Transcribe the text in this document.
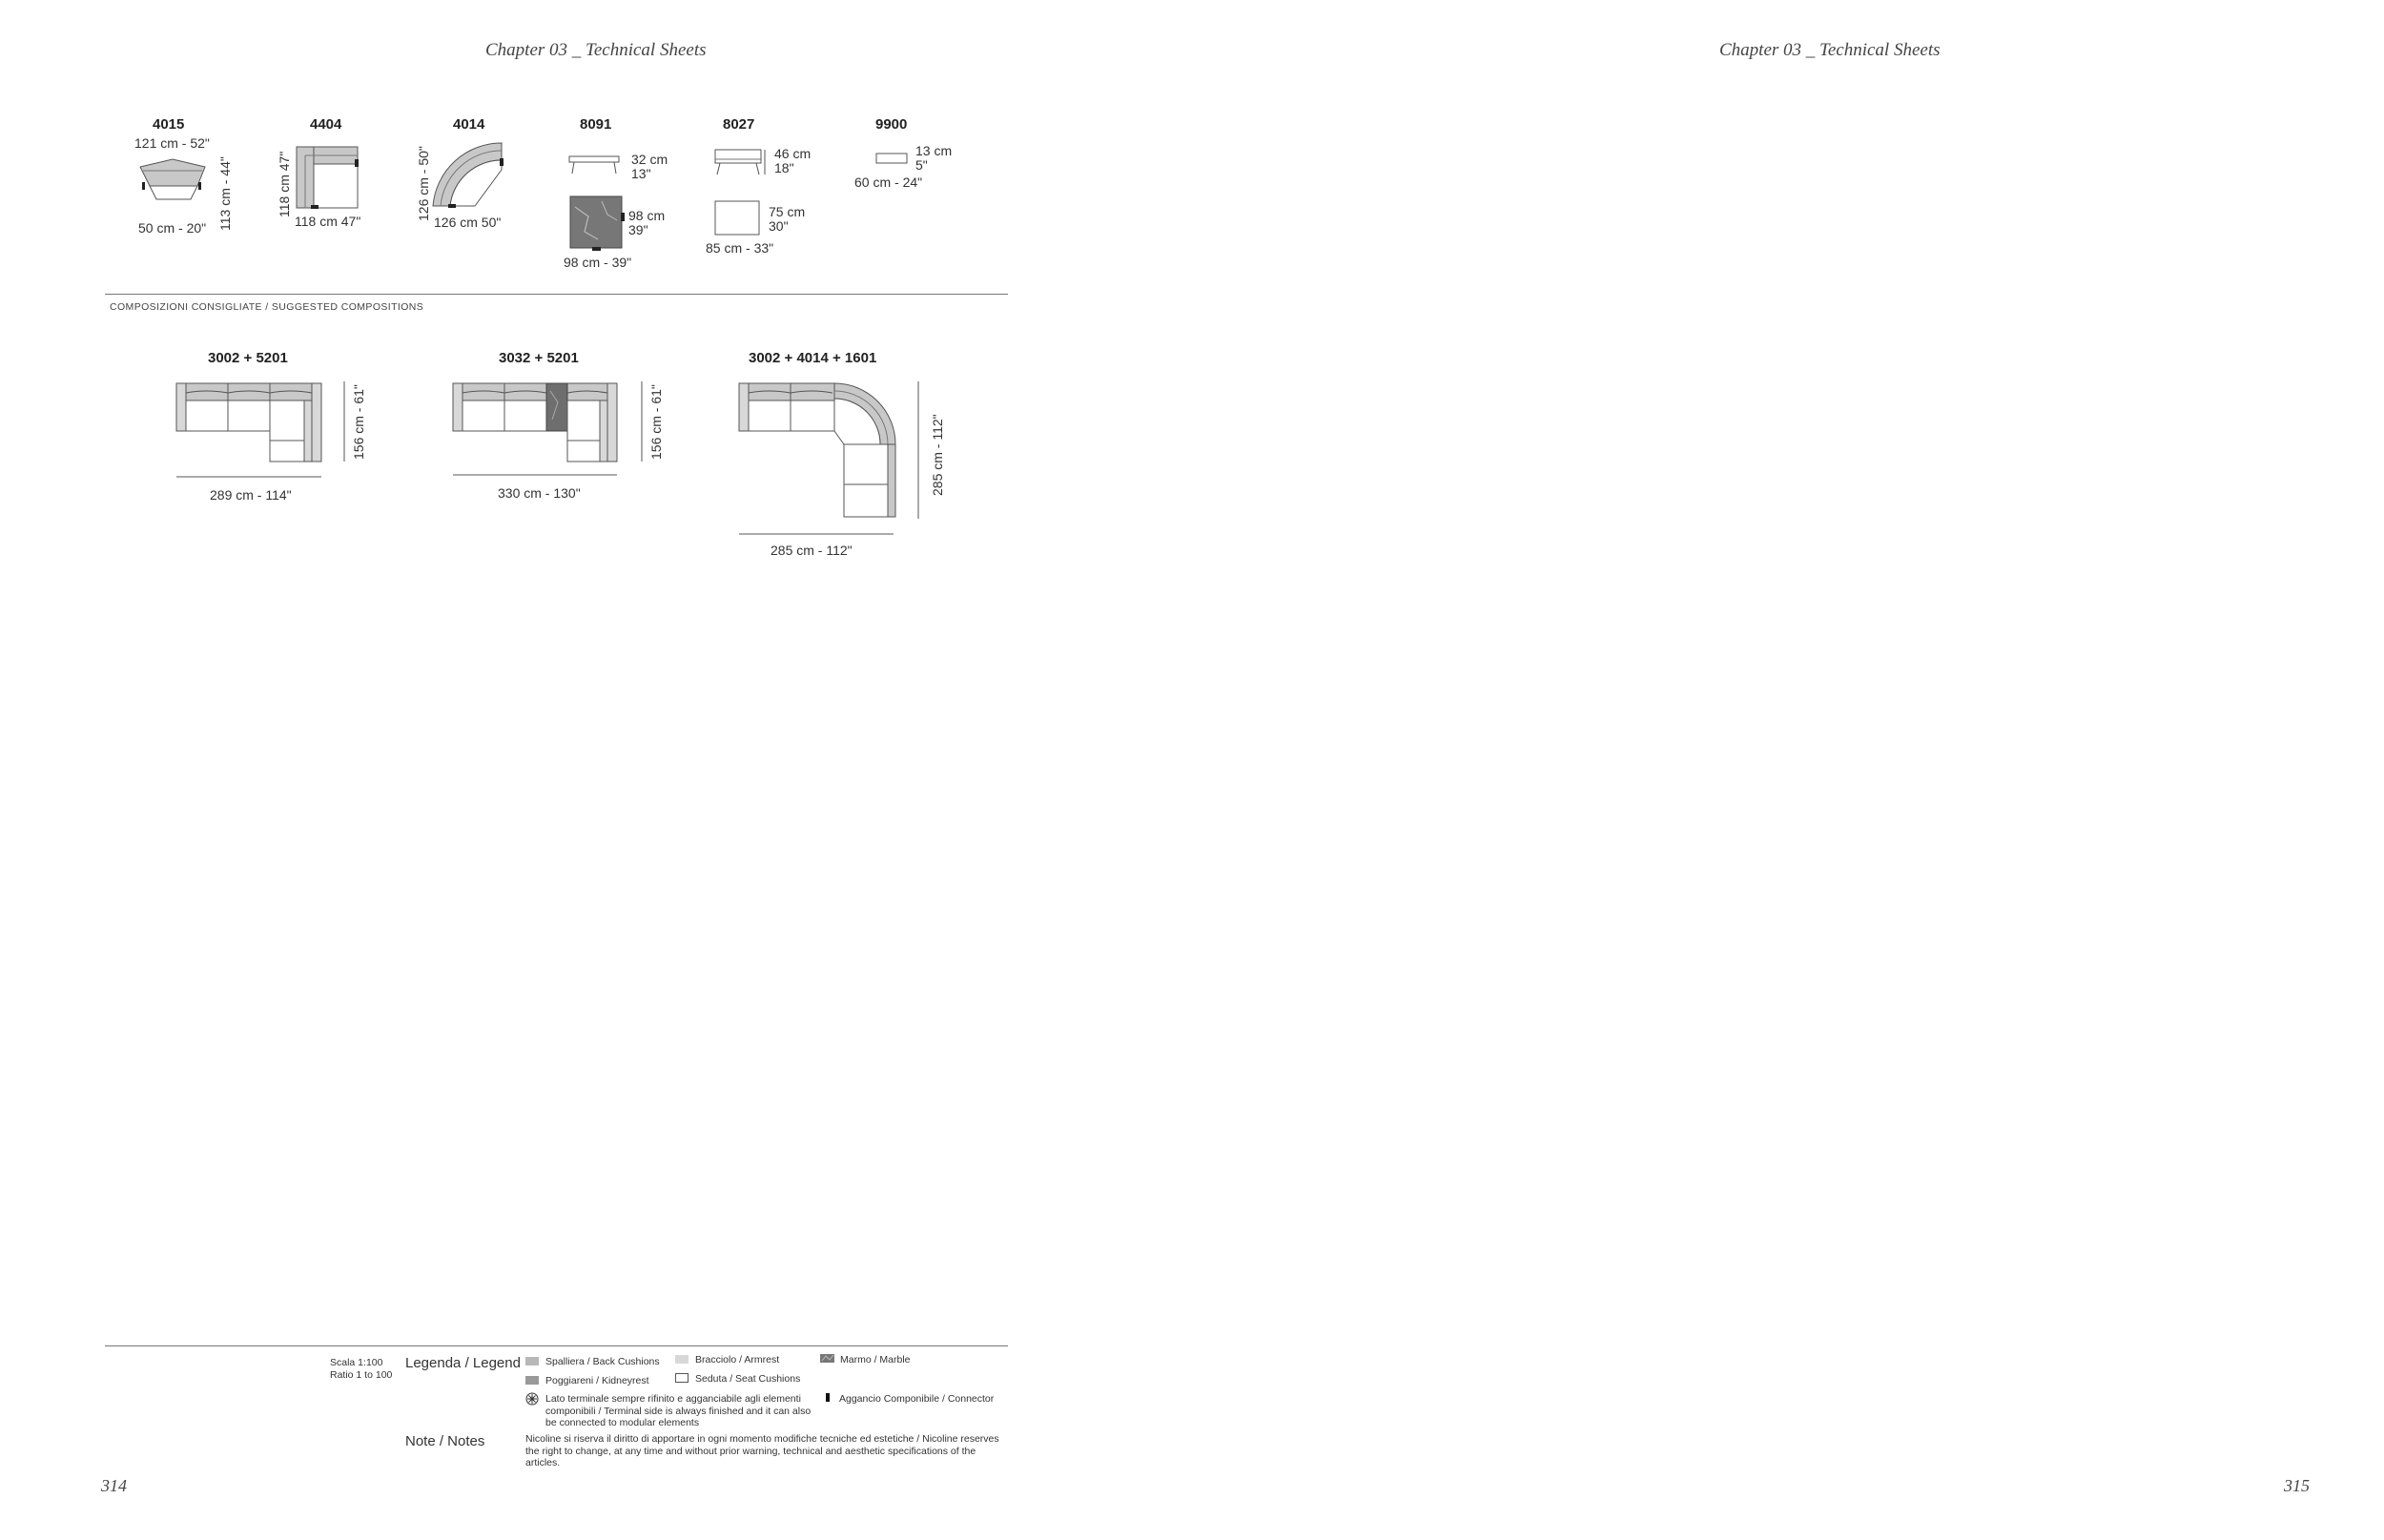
Chapter 03 _ Technical Sheets	Chapter 03 _ Technical Sheets
4015
121 cm - 52"
113 cm - 44"
50 cm - 20"
4404
118 cm 47"
118 cm 47"
4014
126 cm - 50"
126 cm 50"
8091
32 cm
13"
98 cm
39"
98 cm - 39"
8027
46 cm
18"
75 cm
30"
85 cm - 33"
9900
13 cm
5"
60 cm - 24"
COMPOSIZIONI CONSIGLIATE / SUGGESTED COMPOSITIONS
3002 + 5201
156 cm - 61"
289 cm - 114"
3032 + 5201
156 cm - 61"
330 cm - 130"
3002 + 4014 + 1601
285 cm - 112"
285 cm - 112"
Scala 1:100
Ratio 1 to 100
Legenda / Legend Spalliera / Back Cushions	Bracciolo / Armrest	Marmo / Marble
Poggiareni / Kidneyrest	Seduta / Seat Cushions
Lato terminale sempre rifinito e agganciabile agli elementi componibili / Terminal side is always finished and it can also be connected to modular elements
Aggancio Componibile / Connector
Note / Notes	Nicoline si riserva il diritto di apportare in ogni momento modifiche tecniche ed estetiche / Nicoline reserves the right to change, at any time and without prior warning, technical and aesthetic specifications of the articles.
314	315
